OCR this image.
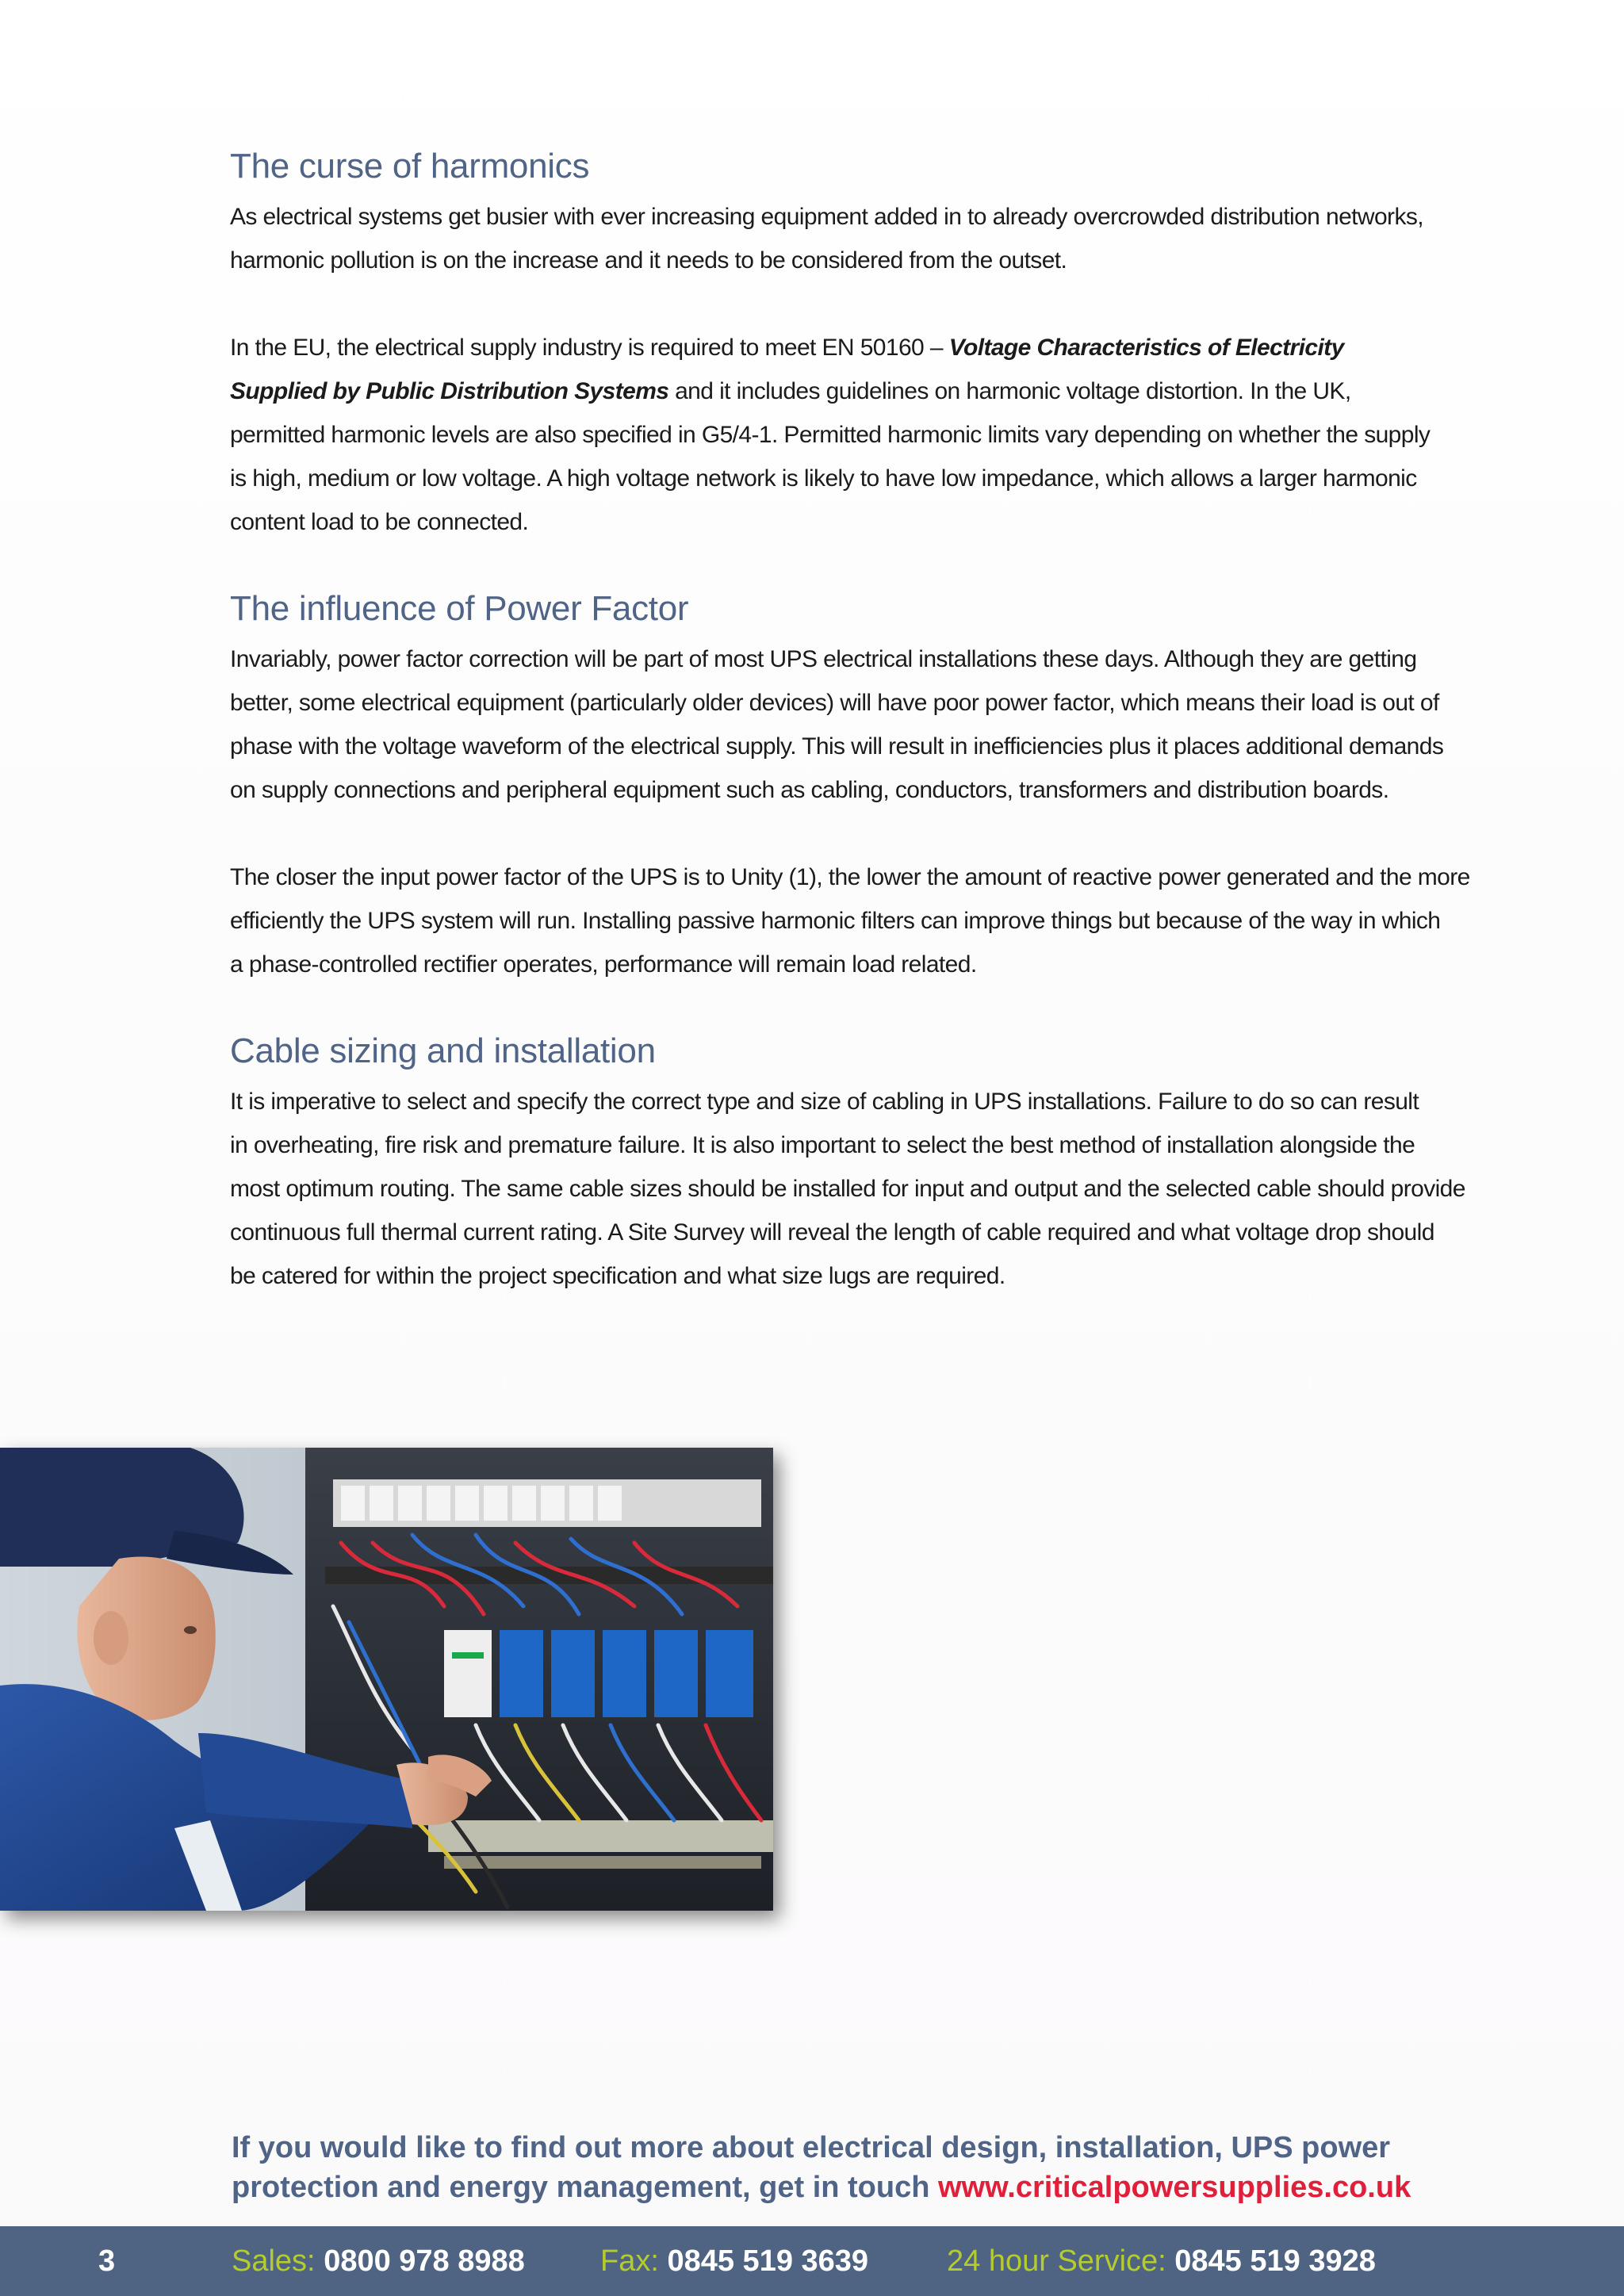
The curse of harmonics

As electrical systems get busier with ever increasing equipment added in to already overcrowded distribution networks,
harmonic pollution is on the increase and it needs to be considered from the outset.

In the EU, the electrical supply industry is required to meet EN 50160 – Voltage Characteristics of Electricity
Supplied by Public Distribution Systems and it includes guidelines on harmonic voltage distortion. In the UK,
permitted harmonic levels are also specified in G5/4-1. Permitted harmonic limits vary depending on whether the supply
is high, medium or low voltage. A high voltage network is likely to have low impedance, which allows a larger harmonic
content load to be connected.

The influence of Power Factor

Invariably, power factor correction will be part of most UPS electrical installations these days. Although they are getting
better, some electrical equipment (particularly older devices) will have poor power factor, which means their load is out of
phase with the voltage waveform of the electrical supply. This will result in inefficiencies plus it places additional demands
on supply connections and peripheral equipment such as cabling, conductors, transformers and distribution boards.

The closer the input power factor of the UPS is to Unity (1), the lower the amount of reactive power generated and the more
efficiently the UPS system will run. Installing passive harmonic filters can improve things but because of the way in which
a phase-controlled rectifier operates, performance will remain load related.

Cable sizing and installation

It is imperative to select and specify the correct type and size of cabling in UPS installations. Failure to do so can result
in overheating, fire risk and premature failure. It is also important to select the best method of installation alongside the
most optimum routing. The same cable sizes should be installed for input and output and the selected cable should provide
continuous full thermal current rating. A Site Survey will reveal the length of cable required and what voltage drop should
be catered for within the project specification and what size lugs are required.

If you would like to find out more about electrical design, installation, UPS power
protection and energy management, get in touch www.criticalpowersupplies.co.uk
3	Sales: 0800 978 8988	Fax: 0845 519 3639	24 hour Service: 0845 519 3928
